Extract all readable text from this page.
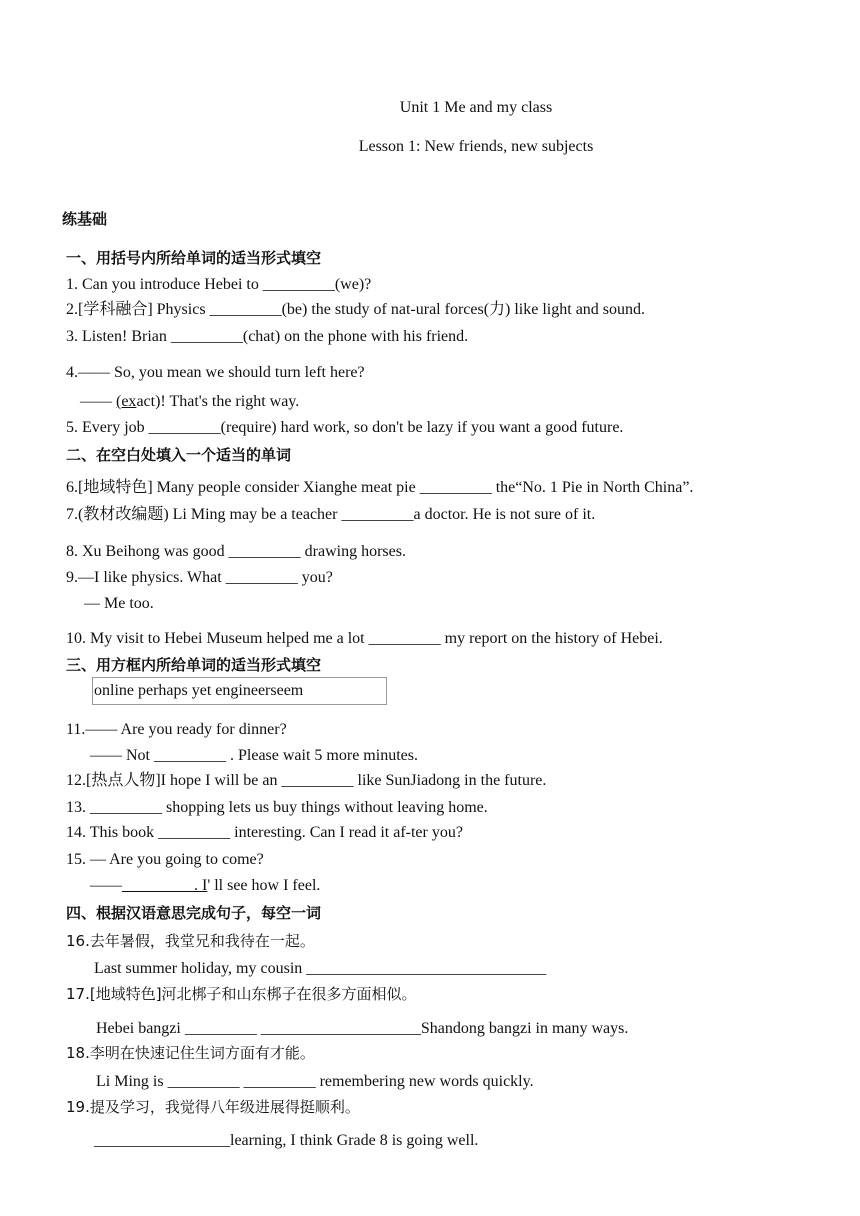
Unit 1 Me and my class
Lesson 1: New friends, new subjects
练基础
一、用括号内所给单词的适当形式填空
1. Can you introduce Hebei to _________(we)?
2.[学科融合] Physics _________(be) the study of nat-ural forces(力) like light and sound.
3. Listen! Brian _________(chat) on the phone with his friend.
4.—— So, you mean we should turn left here?
—— (exact)! That's the right way.
5. Every job _________(require) hard work, so don't be lazy if you want a good future.
二、在空白处填入一个适当的单词
6.[地域特色] Many people consider Xianghe meat pie _________ the“No. 1 Pie in North China”.
7.(教材改编题) Li Ming may be a teacher _________a doctor. He is not sure of it.
8. Xu Beihong was good _________ drawing horses.
9.—I like physics. What _________ you?
— Me too.
10. My visit to Hebei Museum helped me a lot _________ my report on the history of Hebei.
三、用方框内所给单词的适当形式填空
online perhaps yet engineerseem
11.—— Are you ready for dinner?
—— Not _________ . Please wait 5 more minutes.
12.[热点人物]I hope I will be an _________ like SunJiadong in the future.
13. _________ shopping lets us buy things without leaving home.
14. This book _________ interesting. Can I read it af-ter you?
15. — Are you going to come?
——_________. I' ll see how I feel.
四、根据汉语意思完成句子，每空一词
16.去年暑假，我堂兄和我待在一起。
Last summer holiday, my cousin ______________________________
17.[地域特色]河北梆子和山东梆子在很多方面相似。
Hebei bangzi _________ ____________________Shandong bangzi in many ways.
18.李明在快速记住生词方面有才能。
Li Ming is _________ _________ remembering new words quickly.
19.提及学习，我觉得八年级进展得挺顺利。
_________________learning, I think Grade 8 is going well.
